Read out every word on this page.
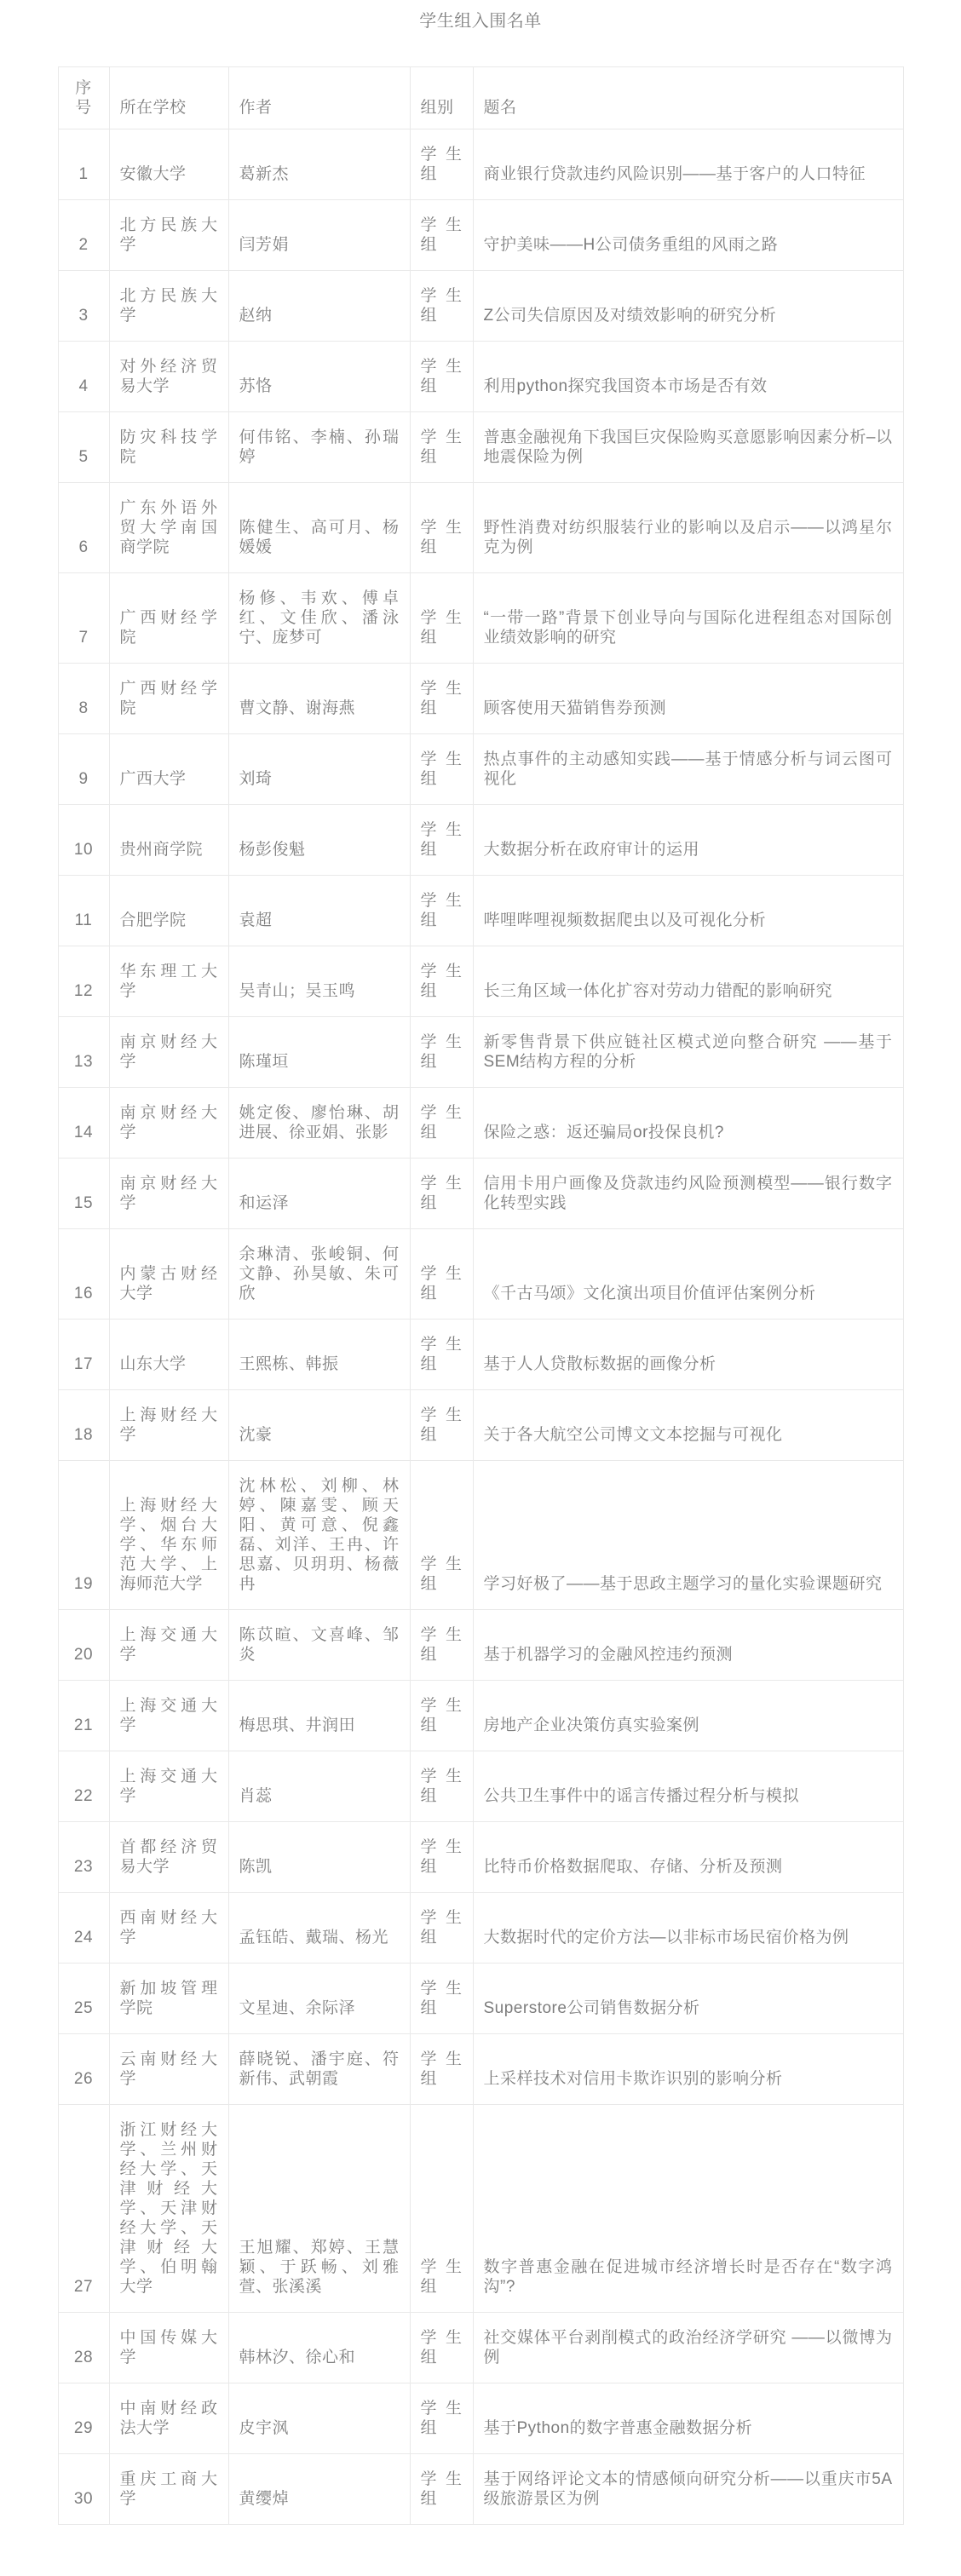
学生组入围名单
序号	所在学校	作者	组别	题名
1	安徽大学	葛新杰	学生组	商业银行贷款违约风险识别——基于客户的人口特征
2	北方民族大学	闫芳娟	学生组	守护美味——H公司债务重组的风雨之路
3	北方民族大学	赵纳	学生组	Z公司失信原因及对绩效影响的研究分析
4	对外经济贸易大学	苏恪	学生组	利用python探究我国资本市场是否有效
5	防灾科技学院	何伟铭、李楠、孙瑞婷	学生组	普惠金融视角下我国巨灾保险购买意愿影响因素分析–以地震保险为例
6	广东外语外贸大学南国商学院	陈健生、高可月、杨媛媛	学生组	野性消费对纺织服装行业的影响以及启示——以鸿星尔克为例
7	广西财经学院	杨修、韦欢、傅卓红、文佳欣、潘泳宁、庞梦可	学生组	“一带一路”背景下创业导向与国际化进程组态对国际创业绩效影响的研究
8	广西财经学院	曹文静、谢海燕	学生组	顾客使用天猫销售券预测
9	广西大学	刘琦	学生组	热点事件的主动感知实践——基于情感分析与词云图可视化
10	贵州商学院	杨彭俊魁	学生组	大数据分析在政府审计的运用
11	合肥学院	袁超	学生组	哔哩哔哩视频数据爬虫以及可视化分析
12	华东理工大学	吴青山；吴玉鸣	学生组	长三角区域一体化扩容对劳动力错配的影响研究
13	南京财经大学	陈瑾垣	学生组	新零售背景下供应链社区模式逆向整合研究 ——基于SEM结构方程的分析
14	南京财经大学	姚定俊、廖怡琳、胡进展、徐亚娟、张影	学生组	保险之惑：返还骗局or投保良机?
15	南京财经大学	和运泽	学生组	信用卡用户画像及贷款违约风险预测模型——银行数字化转型实践
16	内蒙古财经大学	余琳清、张峻铜、何文静、孙昊敏、朱可欣	学生组	《千古马颂》文化演出项目价值评估案例分析
17	山东大学	王熙栋、韩振	学生组	基于人人贷散标数据的画像分析
18	上海财经大学	沈豪	学生组	关于各大航空公司博文文本挖掘与可视化
19	上海财经大学、烟台大学、华东师范大学、上海师范大学	沈林松、刘柳、林婷、陳嘉雯、顾天阳、黄可意、倪鑫磊、刘洋、王冉、许思嘉、贝玥玥、杨薇冉	学生组	学习好极了——基于思政主题学习的量化实验课题研究
20	上海交通大学	陈苡暄、文喜峰、邹炎	学生组	基于机器学习的金融风控违约预测
21	上海交通大学	梅思琪、井润田	学生组	房地产企业决策仿真实验案例
22	上海交通大学	肖蕊	学生组	公共卫生事件中的谣言传播过程分析与模拟
23	首都经济贸易大学	陈凯	学生组	比特币价格数据爬取、存储、分析及预测
24	西南财经大学	孟钰皓、戴瑞、杨光	学生组	大数据时代的定价方法—以非标市场民宿价格为例
25	新加坡管理学院	文星迪、余际泽	学生组	Superstore公司销售数据分析
26	云南财经大学	薛晓锐、潘宇庭、符新伟、武朝霞	学生组	上采样技术对信用卡欺诈识别的影响分析
27	浙江财经大学、兰州财经大学、天津财经大学、天津财经大学、天津财经大学、伯明翰大学	王旭耀、郑婷、王慧颖、于跃畅、刘雅萱、张溪溪	学生组	数字普惠金融在促进城市经济增长时是否存在“数字鸿沟”?
28	中国传媒大学	韩林汐、徐心和	学生组	社交媒体平台剥削模式的政治经济学研究 ——以微博为例
29	中南财经政法大学	皮宇沨	学生组	基于Python的数字普惠金融数据分析
30	重庆工商大学	黄缨焯	学生组	基于网络评论文本的情感倾向研究分析——以重庆市5A级旅游景区为例
